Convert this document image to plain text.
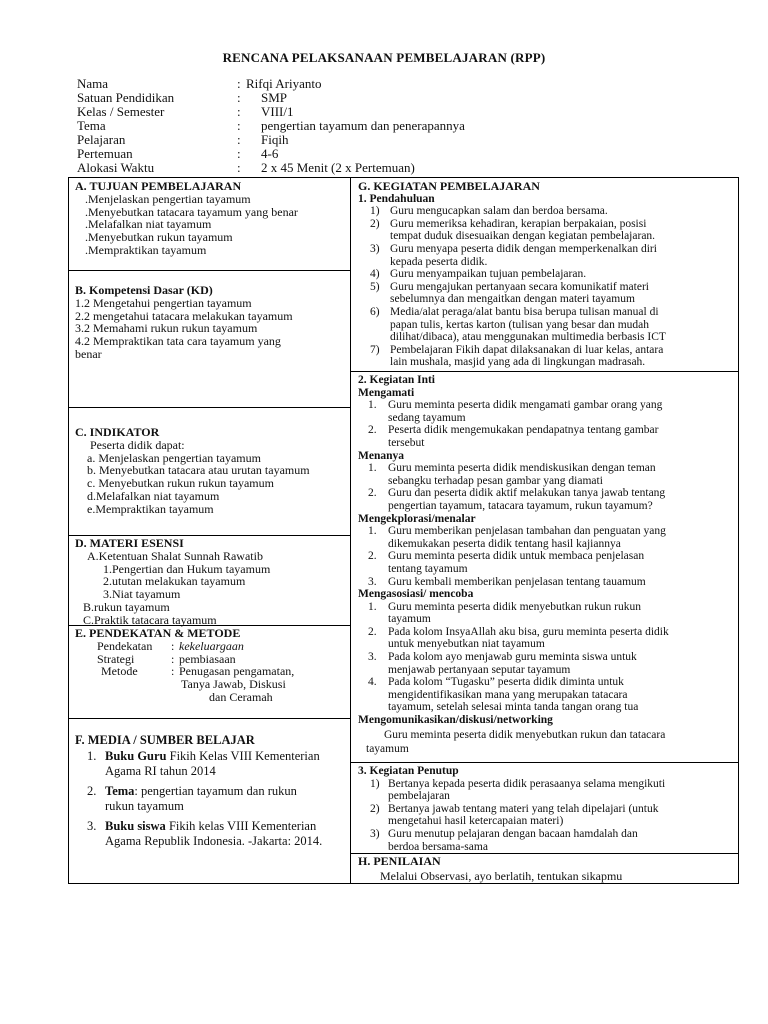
RENCANA PELAKSANAAN PEMBELAJARAN (RPP)
Nama	: Rifqi Ariyanto
Satuan Pendidikan	: SMP
Kelas / Semester	: VIII/1
Tema	: pengertian tayamum dan penerapannya
Pelajaran	: Fiqih
Pertemuan	: 4-6
Alokasi Waktu	: 2 x 45 Menit (2 x Pertemuan)
A. TUJUAN PEMBELAJARAN
.Menjelaskan pengertian tayamum
.Menyebutkan tatacara tayamum yang benar
.Melafalkan niat tayamum
.Menyebutkan rukun tayamum
.Mempraktikan tayamum
B. Kompetensi Dasar (KD)
1.2 Mengetahui pengertian tayamum
2.2 mengetahui tatacara melakukan tayamum
3.2 Memahami rukun rukun tayamum
4.2 Mempraktikan tata cara tayamum yang
benar
C. INDIKATOR
Peserta didik dapat:
a. Menjelaskan pengertian tayamum
b. Menyebutkan tatacara atau urutan tayamum
c. Menyebutkan rukun rukun tayamum
d.Melafalkan niat tayamum
e.Mempraktikan tayamum
D. MATERI ESENSI
A.Ketentuan Shalat Sunnah Rawatib
1.Pengertian dan Hukum tayamum
2.ututan melakukan tayamum
3.Niat tayamum
B.rukun tayamum
C.Praktik tatacara tayamum
E. PENDEKATAN & METODE
Pendekatan : kekeluargaan
Strategi	: pembiasaan
Metode	: Penugasan pengamatan,
Tanya Jawab, Diskusi
dan Ceramah
F. MEDIA / SUMBER BELAJAR
1. Buku Guru Fikih Kelas VIII Kementerian
Agama RI tahun 2014
2. Tema: pengertian tayamum dan rukun
rukun tayamum
3. Buku siswa Fikih kelas VIII Kementerian
Agama Republik Indonesia. -Jakarta: 2014.
G. KEGIATAN PEMBELAJARAN
1. Pendahuluan
1) Guru mengucapkan salam dan berdoa bersama.
2) Guru memeriksa kehadiran, kerapian berpakaian, posisi
tempat duduk disesuaikan dengan kegiatan pembelajaran.
3) Guru menyapa peserta didik dengan memperkenalkan diri
kepada peserta didik.
4) Guru menyampaikan tujuan pembelajaran.
5) Guru mengajukan pertanyaan secara komunikatif materi
sebelumnya dan mengaitkan dengan materi tayamum
6) Media/alat peraga/alat bantu bisa berupa tulisan manual di
papan tulis, kertas karton (tulisan yang besar dan mudah
dilihat/dibaca), atau menggunakan multimedia berbasis ICT
7) Pembelajaran Fikih dapat dilaksanakan di luar kelas, antara
lain mushala, masjid yang ada di lingkungan madrasah.
2. Kegiatan Inti
Mengamati
1. Guru meminta peserta didik mengamati gambar orang yang
sedang tayamum
2. Peserta didik mengemukakan pendapatnya tentang gambar
tersebut
Menanya
1. Guru meminta peserta didik mendiskusikan dengan teman
sebangku terhadap pesan gambar yang diamati
2. Guru dan peserta didik aktif melakukan tanya jawab tentang
pengertian tayamum, tatacara tayamum, rukun tayamum?
Mengekplorasi/menalar
1. Guru memberikan penjelasan tambahan dan penguatan yang
dikemukakan peserta didik tentang hasil kajiannya
2. Guru meminta peserta didik untuk membaca penjelasan
tentang tayamum
3. Guru kembali memberikan penjelasan tentang tauamum
Mengasosiasi/ mencoba
1. Guru meminta peserta didik menyebutkan rukun rukun
tayamum
2. Pada kolom InsyaAllah aku bisa, guru meminta peserta didik
untuk menyebutkan niat tayamum
3. Pada kolom ayo menjawab guru meminta siswa untuk
menjawab pertanyaan seputar tayamum
4. Pada kolom “Tugasku” peserta didik diminta untuk
mengidentifikasikan mana yang merupakan tatacara
tayamum, setelah selesai minta tanda tangan orang tua
Mengomunikasikan/diskusi/networking
Guru meminta peserta didik menyebutkan rukun dan tatacara
tayamum
3. Kegiatan Penutup
1) Bertanya kepada peserta didik perasaanya selama mengikuti
pembelajaran
2) Bertanya jawab tentang materi yang telah dipelajari (untuk
mengetahui hasil ketercapaian materi)
3) Guru menutup pelajaran dengan bacaan hamdalah dan
berdoa bersama-sama
H. PENILAIAN
Melalui Observasi, ayo berlatih, tentukan sikapmu
